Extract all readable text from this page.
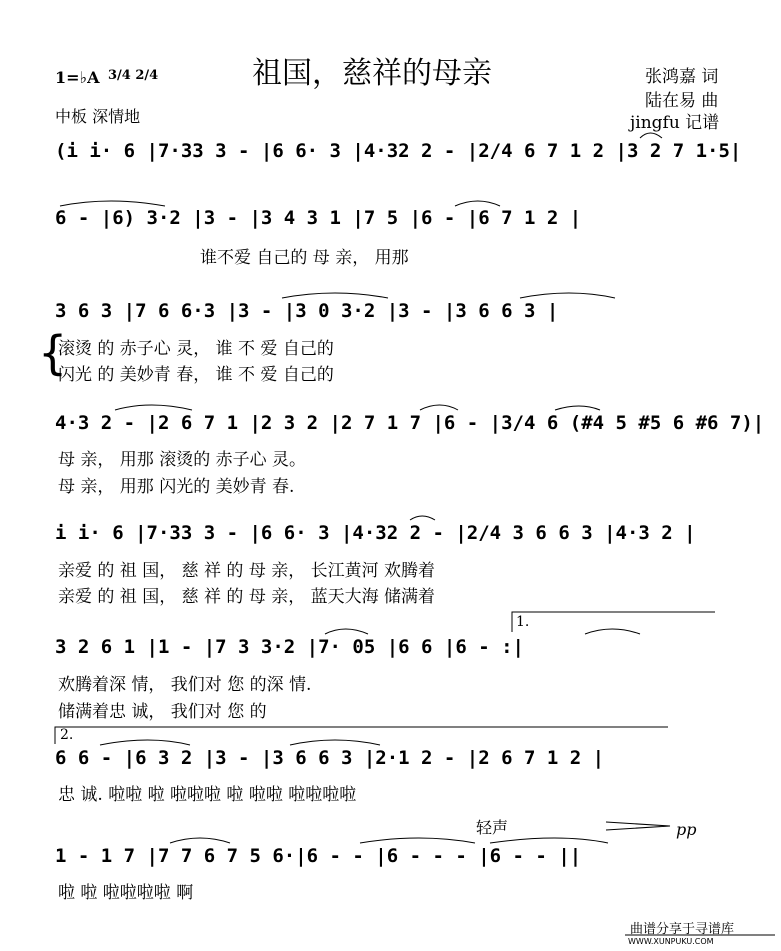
祖国，慈祥的母亲
1=♭A 3/4 2/4
中板 深情地
张鸿嘉 词
陆在易 曲
jingfu 记谱
(i i· 6 |7·33 3 - |6 6· 3 |4·32 2 - |2/4 6 7 1 2 |3 2 7 1·5|
6 - |6) 3·2 |3 - |3 4 3 1 |7 5 |6 - |6 7 1 2 |
谁不爱 自己的 母 亲， 用那
3 6 3 |7 6 6·3 |3 - |3 0 3·2 |3 - |3 6 6 3 |
{
滚烫 的 赤子心 灵， 谁 不 爱 自己的
闪光 的 美妙青 春， 谁 不 爱 自己的
4·3 2 - |2 6 7 1 |2 3 2 |2 7 1 7 |6 - |3/4 6 (#4 5 #5 6 #6 7)|
母 亲， 用那 滚烫的 赤子心 灵。
母 亲， 用那 闪光的 美妙青 春.
i i· 6 |7·33 3 - |6 6· 3 |4·32 2 - |2/4 3 6 6 3 |4·3 2 |
亲爱 的 祖 国， 慈 祥 的 母 亲， 长江黄河 欢腾着
亲爱 的 祖 国， 慈 祥 的 母 亲， 蓝天大海 储满着
1.
3 2 6 1 |1 - |7 3 3·2 |7· 05 |6 6 |6 - :|
欢腾着深 情， 我们对 您 的深 情.
储满着忠 诚， 我们对 您 的
2.
6 6 - |6 3 2 |3 - |3 6 6 3 |2·1 2 - |2 6 7 1 2 |
忠 诚. 啦啦 啦 啦啦啦 啦 啦啦 啦啦啦啦
轻声	pp
1 - 1 7 |7 7 6 7 5 6·|6 - - |6 - - - |6 - - ||
啦 啦 啦啦啦啦 啊
曲谱分享于寻谱库
WWW.XUNPUKU.COM
